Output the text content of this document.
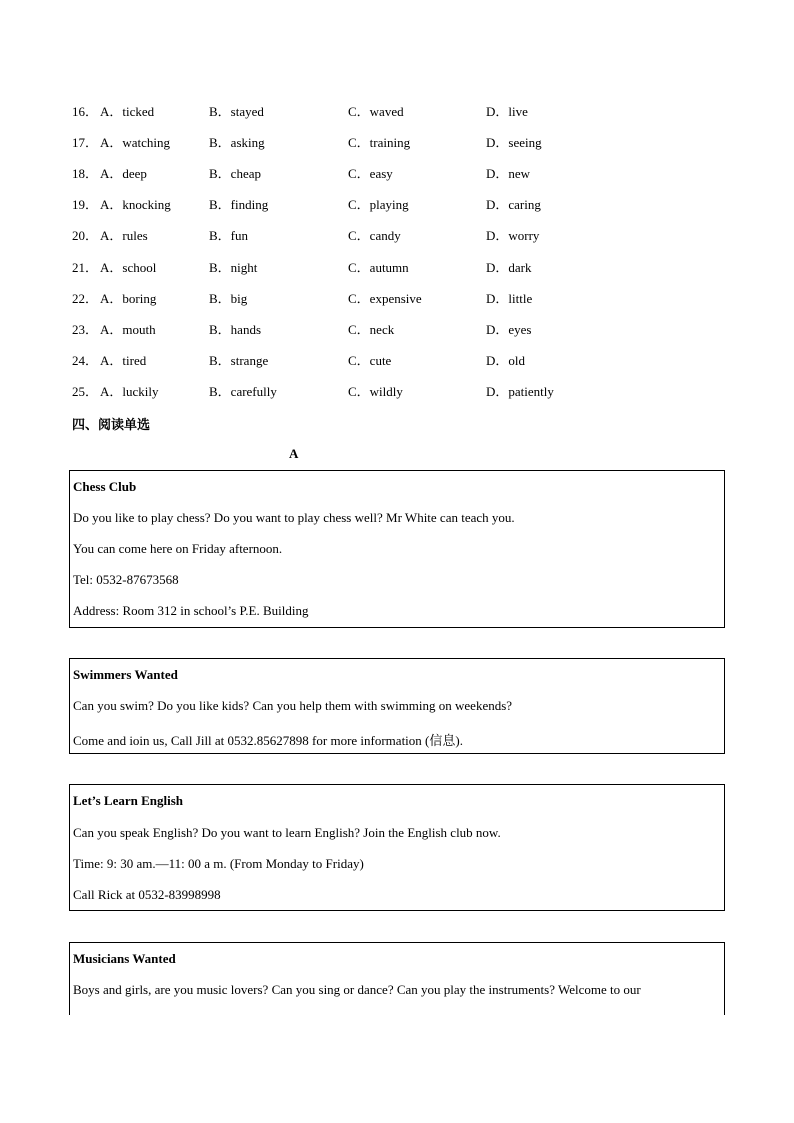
16． A．ticked	B．stayed	C．waved	D．live
17． A．watching	B．asking	C．training	D．seeing
18． A．deep	B．cheap	C．easy	D．new
19． A．knocking	B．finding	C．playing	D．caring
20． A．rules	B．fun	C．candy	D．worry
21． A．school	B．night	C．autumn	D．dark
22． A．boring	B．big	C．expensive	D．little
23． A．mouth	B．hands	C．neck	D．eyes
24． A．tired	B．strange	C．cute	D．old
25． A．luckily	B．carefully	C．wildly	D．patiently
四、阅读单选
A
Chess Club
Do you like to play chess? Do you want to play chess well? Mr White can teach you.
You can come here on Friday afternoon.
Tel: 0532-87673568
Address: Room 312 in school’s P.E. Building
Swimmers Wanted
Can you swim? Do you like kids? Can you help them with swimming on weekends?
Come and ioin us, Call Jill at 0532.85627898 for more information (信息).
Let’s Learn English
Can you speak English? Do you want to learn English? Join the English club now.
Time: 9: 30 am.—11: 00 a m. (From Monday to Friday)
Call Rick at 0532-83998998
Musicians Wanted
Boys and girls, are you music lovers? Can you sing or dance? Can you play the instruments? Welcome to our
